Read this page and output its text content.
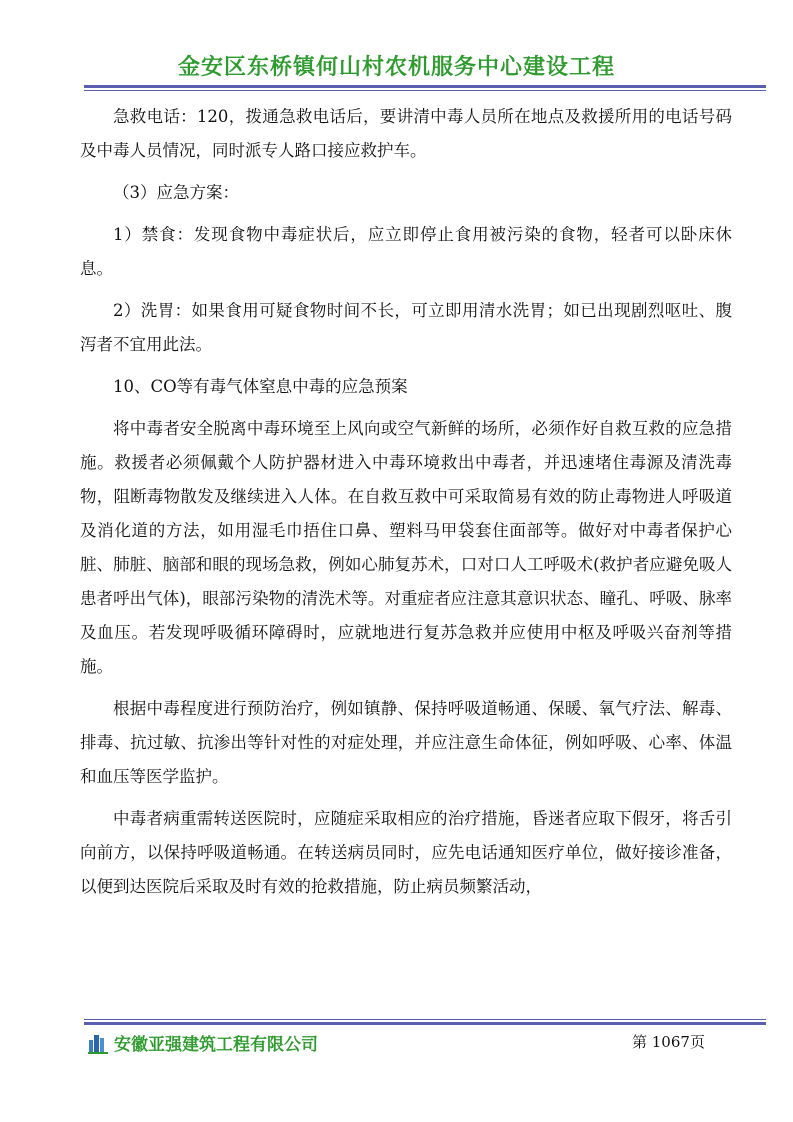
金安区东桥镇何山村农机服务中心建设工程

急救电话：120，拨通急救电话后，要讲清中毒人员所在地点及救援所用的电话号码及中毒人员情况，同时派专人路口接应救护车。

（3）应急方案：

1）禁食：发现食物中毒症状后，应立即停止食用被污染的食物，轻者可以卧床休息。

2）洗胃：如果食用可疑食物时间不长，可立即用清水洗胃；如已出现剧烈呕吐、腹泻者不宜用此法。

10、CO等有毒气体窒息中毒的应急预案

将中毒者安全脱离中毒环境至上风向或空气新鲜的场所，必须作好自救互救的应急措施。救援者必须佩戴个人防护器材进入中毒环境救出中毒者，并迅速堵住毒源及清洗毒物，阻断毒物散发及继续进入人体。在自救互救中可采取简易有效的防止毒物进人呼吸道及消化道的方法，如用湿毛巾捂住口鼻、塑料马甲袋套住面部等。做好对中毒者保护心脏、肺脏、脑部和眼的现场急救，例如心肺复苏术，口对口人工呼吸术(救护者应避免吸人患者呼出气体)，眼部污染物的清洗术等。对重症者应注意其意识状态、瞳孔、呼吸、脉率及血压。若发现呼吸循环障碍时，应就地进行复苏急救并应使用中枢及呼吸兴奋剂等措施。

根据中毒程度进行预防治疗，例如镇静、保持呼吸道畅通、保暖、氧气疗法、解毒、排毒、抗过敏、抗渗出等针对性的对症处理，并应注意生命体征，例如呼吸、心率、体温和血压等医学监护。

中毒者病重需转送医院时，应随症采取相应的治疗措施，昏迷者应取下假牙，将舌引向前方，以保持呼吸道畅通。在转送病员同时，应先电话通知医疗单位，做好接诊准备，以便到达医院后采取及时有效的抢救措施，防止病员频繁活动，

安徽亚强建筑工程有限公司	第 1067页
